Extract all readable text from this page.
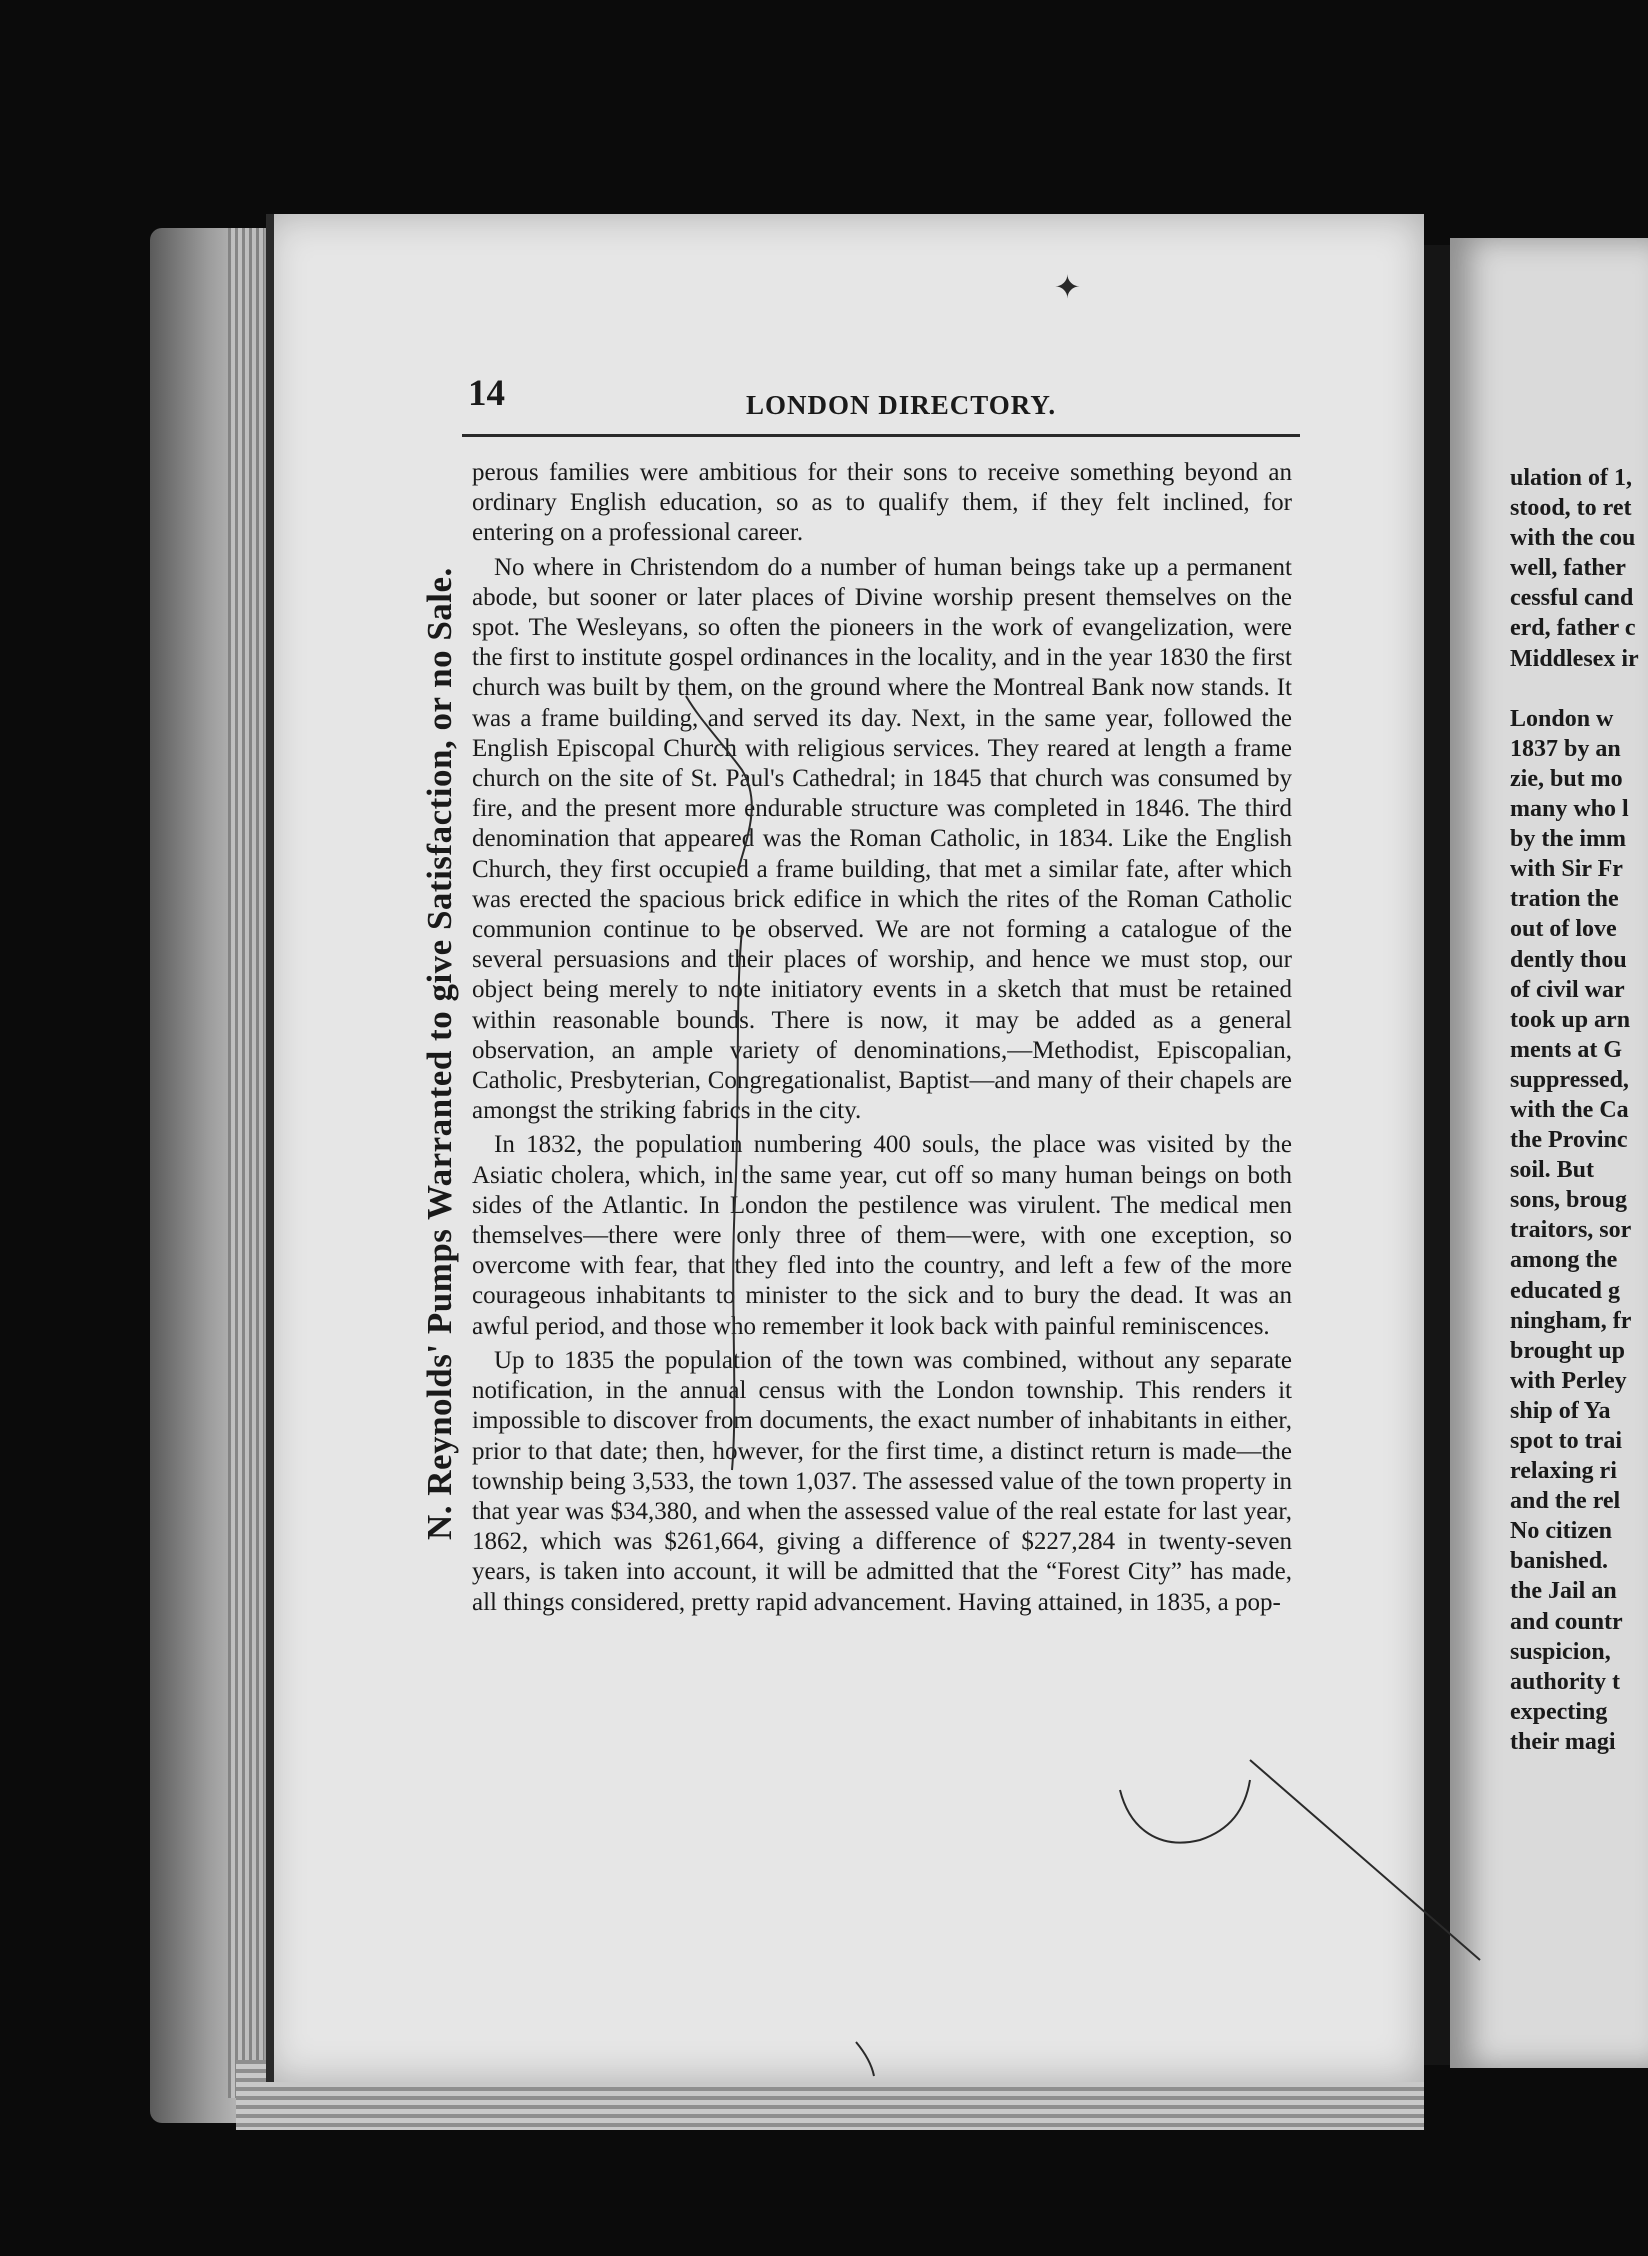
ulation of 1,
stood, to ret
with the cou
well, father
cessful cand
erd, father c
Middlesex ir
London w
1837 by an
zie, but mo
many who l
by the imm
with Sir Fr
tration the
out of love
dently thou
of civil war
took up arn
ments at G
suppressed,
with the Ca
the Provinc
soil. But
sons, broug
traitors, sor
among the
educated g
ningham, fr
brought up
with Perley
ship of Ya
spot to trai
relaxing ri
and the rel
No citizen
banished.
the Jail an
and countr
suspicion,
authority t
expecting
their magi
✦
14	LONDON DIRECTORY.
N. Reynolds' Pumps Warranted to give Satisfaction, or no Sale.

perous families were ambitious for their sons to receive something beyond an ordinary English education, so as to qualify them, if they felt inclined, for entering on a professional career.

No where in Christendom do a number of human beings take up a permanent abode, but sooner or later places of Divine worship present themselves on the spot. The Wesleyans, so often the pioneers in the work of evangelization, were the first to institute gospel ordinances in the locality, and in the year 1830 the first church was built by them, on the ground where the Montreal Bank now stands. It was a frame building, and served its day. Next, in the same year, followed the English Episcopal Church with religious services. They reared at length a frame church on the site of St. Paul's Cathedral; in 1845 that church was consumed by fire, and the present more endurable structure was completed in 1846. The third denomination that appeared was the Roman Catholic, in 1834. Like the English Church, they first occupied a frame building, that met a similar fate, after which was erected the spacious brick edifice in which the rites of the Roman Catholic communion continue to be observed. We are not forming a catalogue of the several persuasions and their places of worship, and hence we must stop, our object being merely to note initiatory events in a sketch that must be retained within reasonable bounds. There is now, it may be added as a general observation, an ample variety of denominations,—Methodist, Episcopalian, Catholic, Presbyterian, Congregationalist, Baptist—and many of their chapels are amongst the striking fabrics in the city.

In 1832, the population numbering 400 souls, the place was visited by the Asiatic cholera, which, in the same year, cut off so many human beings on both sides of the Atlantic. In London the pestilence was virulent. The medical men themselves—there were only three of them—were, with one exception, so overcome with fear, that they fled into the country, and left a few of the more courageous inhabitants to minister to the sick and to bury the dead. It was an awful period, and those who remember it look back with painful reminiscences.

Up to 1835 the population of the town was combined, without any separate notification, in the annual census with the London township. This renders it impossible to discover from documents, the exact number of inhabitants in either, prior to that date; then, however, for the first time, a distinct return is made—the township being 3,533, the town 1,037. The assessed value of the town property in that year was $34,380, and when the assessed value of the real estate for last year, 1862, which was $261,664, giving a difference of $227,284 in twenty-seven years, is taken into account, it will be admitted that the “Forest City” has made, all things considered, pretty rapid advancement. Having attained, in 1835, a pop-
